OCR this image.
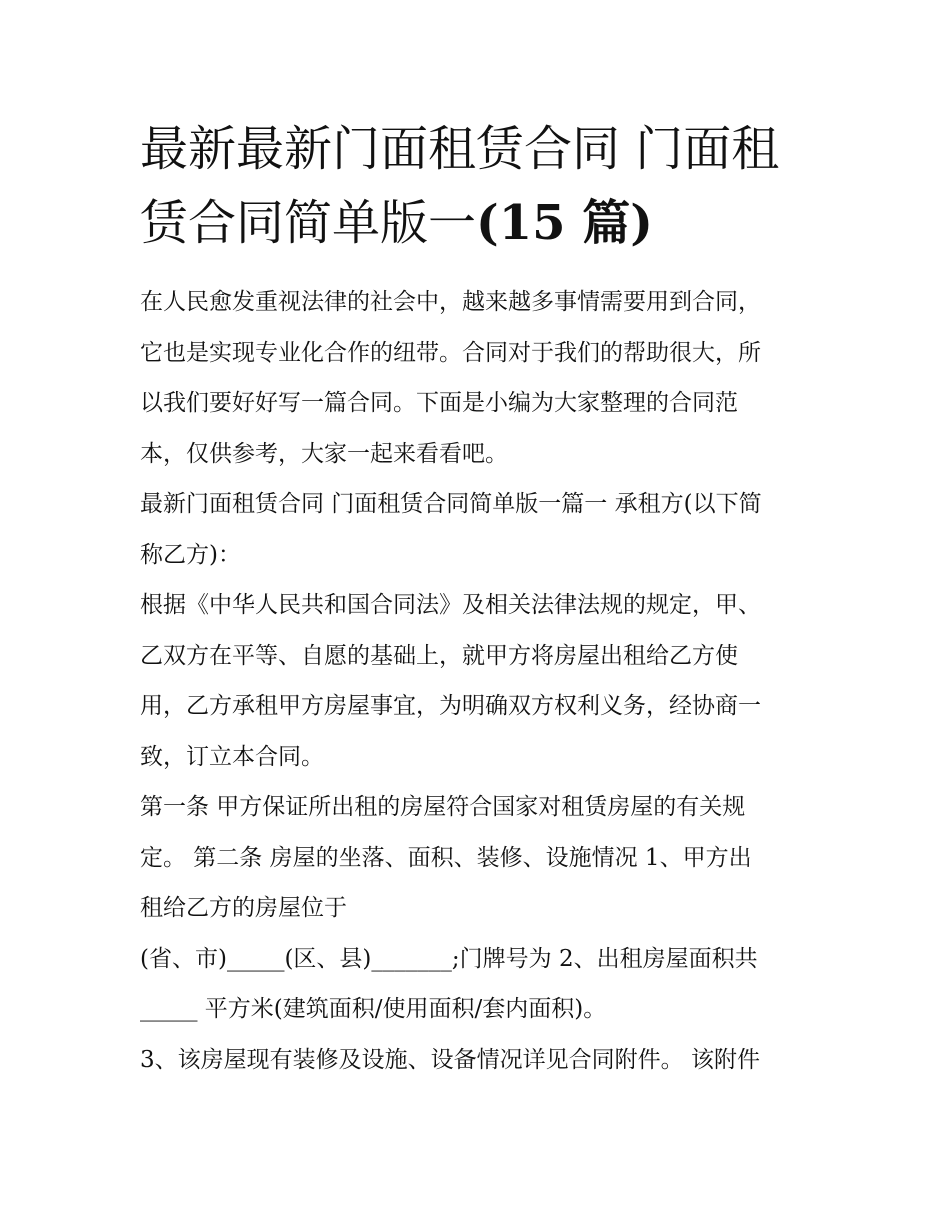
最新最新门面租赁合同 门面租
赁合同简单版一(15 篇)

在人民愈发重视法律的社会中，越来越多事情需要用到合同，
它也是实现专业化合作的纽带。合同对于我们的帮助很大，所
以我们要好好写一篇合同。下面是小编为大家整理的合同范
本，仅供参考，大家一起来看看吧。

最新门面租赁合同 门面租赁合同简单版一篇一 承租方(以下简
称乙方)：

根据《中华人民共和国合同法》及相关法律法规的规定，甲、
乙双方在平等、自愿的基础上，就甲方将房屋出租给乙方使
用，乙方承租甲方房屋事宜，为明确双方权利义务，经协商一
致，订立本合同。

第一条 甲方保证所出租的房屋符合国家对租赁房屋的有关规
定。 第二条 房屋的坐落、面积、装修、设施情况 1、甲方出
租给乙方的房屋位于

(省、市)_____(区、县)_______;门牌号为 2、出租房屋面积共
_____ 平方米(建筑面积/使用面积/套内面积)。

3、该房屋现有装修及设施、设备情况详见合同附件。 该附件
